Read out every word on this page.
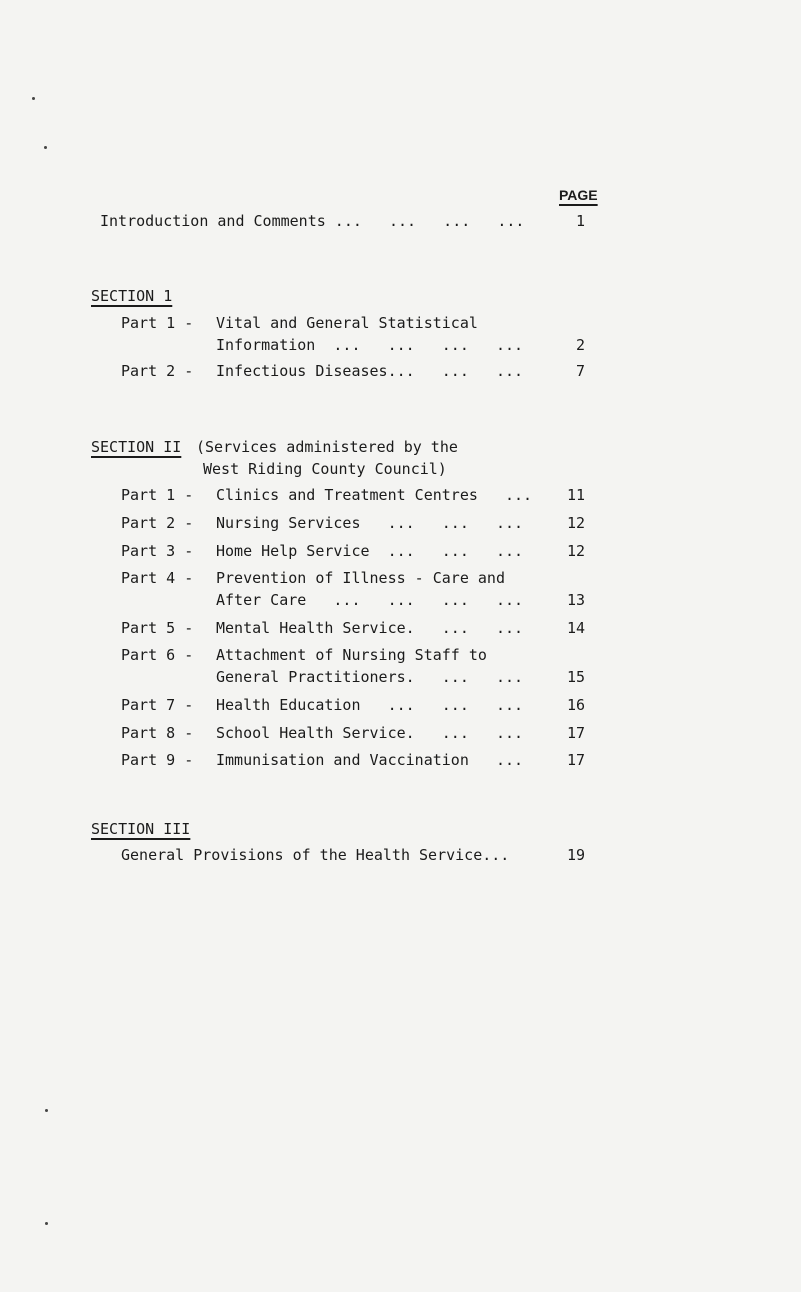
PAGE
Introduction and Comments ...   ...   ...   ...	1
SECTION 1
Part 1 - Vital and General Statistical
Information  ...   ...   ...   ...	2
Part 2 - Infectious Diseases...   ...   ...	7
SECTION II (Services administered by the
West Riding County Council)
Part 1 - Clinics and Treatment Centres   ...	11
Part 2 - Nursing Services   ...   ...   ...	12
Part 3 - Home Help Service  ...   ...   ...	12
Part 4 - Prevention of Illness - Care and
After Care   ...   ...   ...   ...	13
Part 5 - Mental Health Service.   ...   ...	14
Part 6 - Attachment of Nursing Staff to
General Practitioners.   ...   ...	15
Part 7 - Health Education   ...   ...   ...	16
Part 8 - School Health Service.   ...   ...	17
Part 9 - Immunisation and Vaccination   ...	17
SECTION III
General Provisions of the Health Service...	19
